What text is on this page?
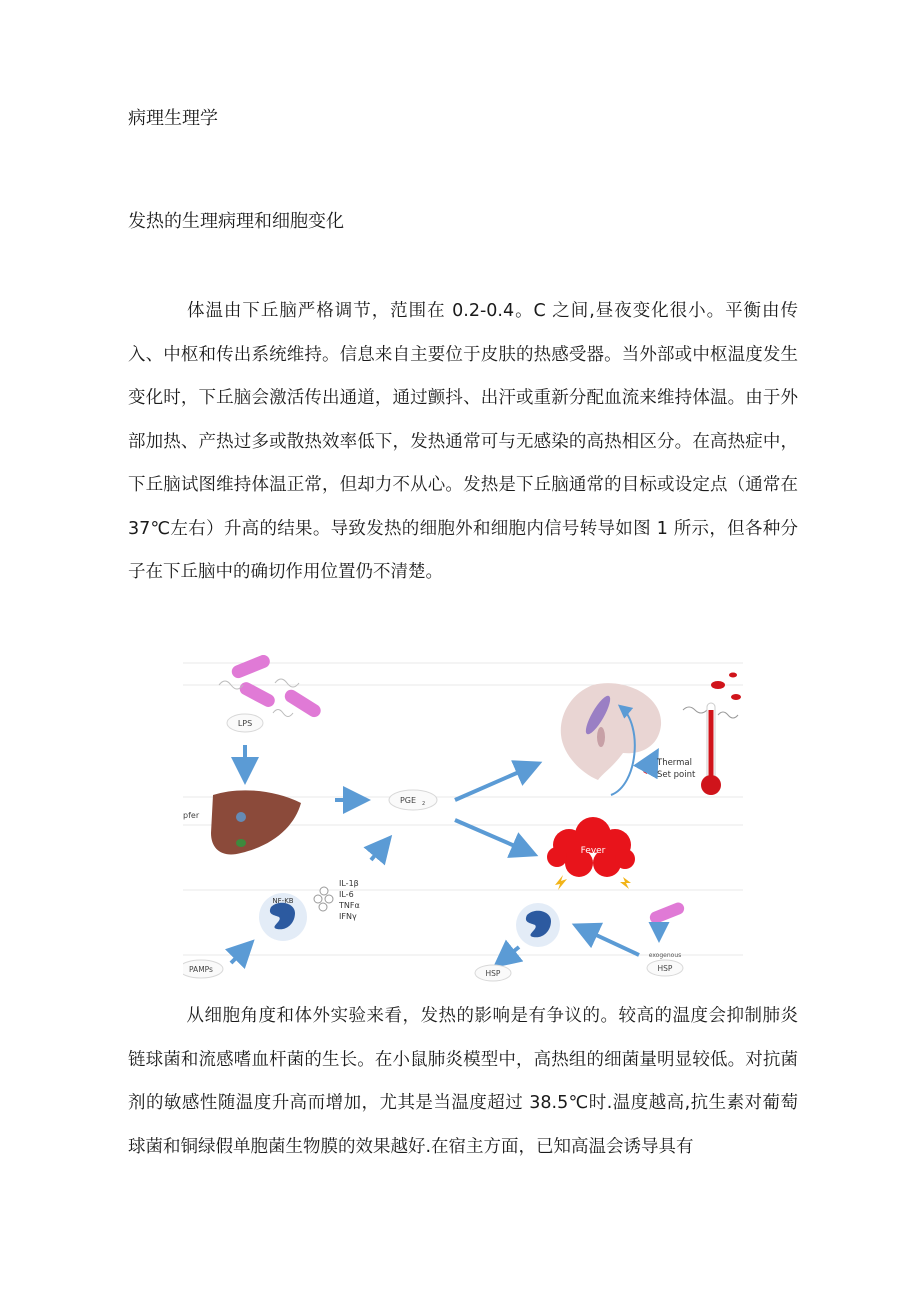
病理生理学
发热的生理病理和细胞变化

体温由下丘脑严格调节，范围在 0.2-0.4。C 之间,昼夜变化很小。平衡由传入、中枢和传出系统维持。信息来自主要位于皮肤的热感受器。当外部或中枢温度发生变化时，下丘脑会激活传出通道，通过颤抖、出汗或重新分配血流来维持体温。由于外部加热、产热过多或散热效率低下，发热通常可与无感染的高热相区分。在高热症中，下丘脑试图维持体温正常，但却力不从心。发热是下丘脑通常的目标或设定点（通常在 37℃左右）升高的结果。导致发热的细胞外和细胞内信号转导如图 1 所示，但各种分子在下丘脑中的确切作用位置仍不清楚。

LPS
pfer
PGE 2
Thermal
Set point
Fever
IL-1β
IL-6
TNFα
IFNγ
NF-KB
PAMPs	HSP
exogenous
HSP

从细胞角度和体外实验来看，发热的影响是有争议的。较高的温度会抑制肺炎链球菌和流感嗜血杆菌的生长。在小鼠肺炎模型中，高热组的细菌量明显较低。对抗菌剂的敏感性随温度升高而增加，尤其是当温度超过 38.5℃时.温度越高,抗生素对葡萄球菌和铜绿假单胞菌生物膜的效果越好.在宿主方面，已知高温会诱导具有
